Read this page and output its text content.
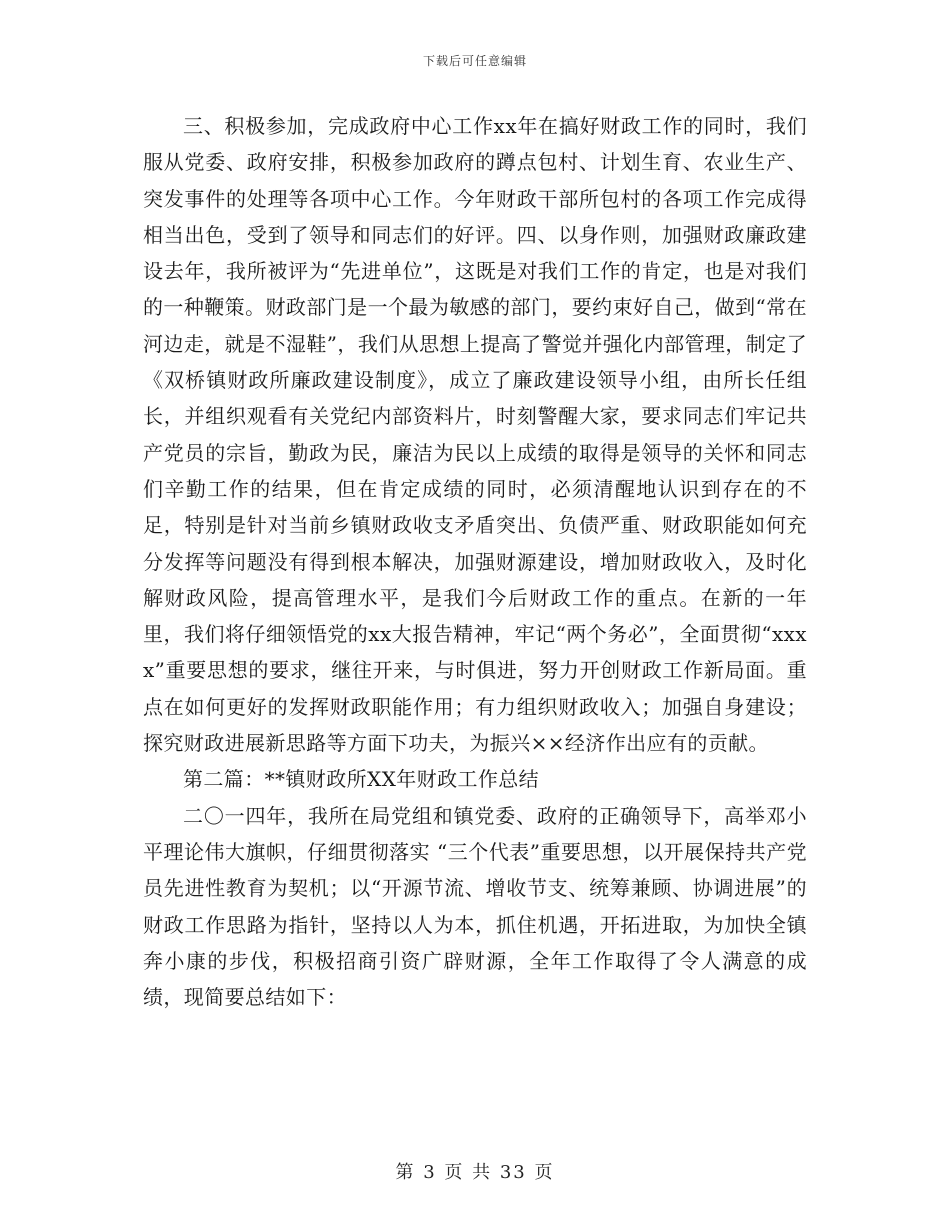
下载后可任意编辑

三、积极参加，完成政府中心工作xx年在搞好财政工作的同时，我们服从党委、政府安排，积极参加政府的蹲点包村、计划生育、农业生产、突发事件的处理等各项中心工作。今年财政干部所包村的各项工作完成得相当出色，受到了领导和同志们的好评。四、以身作则，加强财政廉政建设去年，我所被评为“先进单位”，这既是对我们工作的肯定，也是对我们的一种鞭策。财政部门是一个最为敏感的部门，要约束好自己，做到“常在河边走，就是不湿鞋”，我们从思想上提高了警觉并强化内部管理，制定了《双桥镇财政所廉政建设制度》，成立了廉政建设领导小组，由所长任组长，并组织观看有关党纪内部资料片，时刻警醒大家，要求同志们牢记共产党员的宗旨，勤政为民，廉洁为民以上成绩的取得是领导的关怀和同志们辛勤工作的结果，但在肯定成绩的同时，必须清醒地认识到存在的不足，特别是针对当前乡镇财政收支矛盾突出、负债严重、财政职能如何充分发挥等问题没有得到根本解决，加强财源建设，增加财政收入，及时化解财政风险，提高管理水平，是我们今后财政工作的重点。在新的一年里，我们将仔细领悟党的xx大报告精神，牢记“两个务必”，全面贯彻“xxxx”重要思想的要求，继往开来，与时俱进，努力开创财政工作新局面。重点在如何更好的发挥财政职能作用；有力组织财政收入；加强自身建设；探究财政进展新思路等方面下功夫，为振兴××经济作出应有的贡献。

第二篇：**镇财政所XX年财政工作总结

二〇一四年，我所在局党组和镇党委、政府的正确领导下，高举邓小平理论伟大旗帜，仔细贯彻落实 “三个代表”重要思想，以开展保持共产党员先进性教育为契机；以“开源节流、增收节支、统筹兼顾、协调进展”的财政工作思路为指针，坚持以人为本，抓住机遇，开拓进取，为加快全镇奔小康的步伐，积极招商引资广辟财源，全年工作取得了令人满意的成绩，现简要总结如下：

第 3 页 共 33 页
